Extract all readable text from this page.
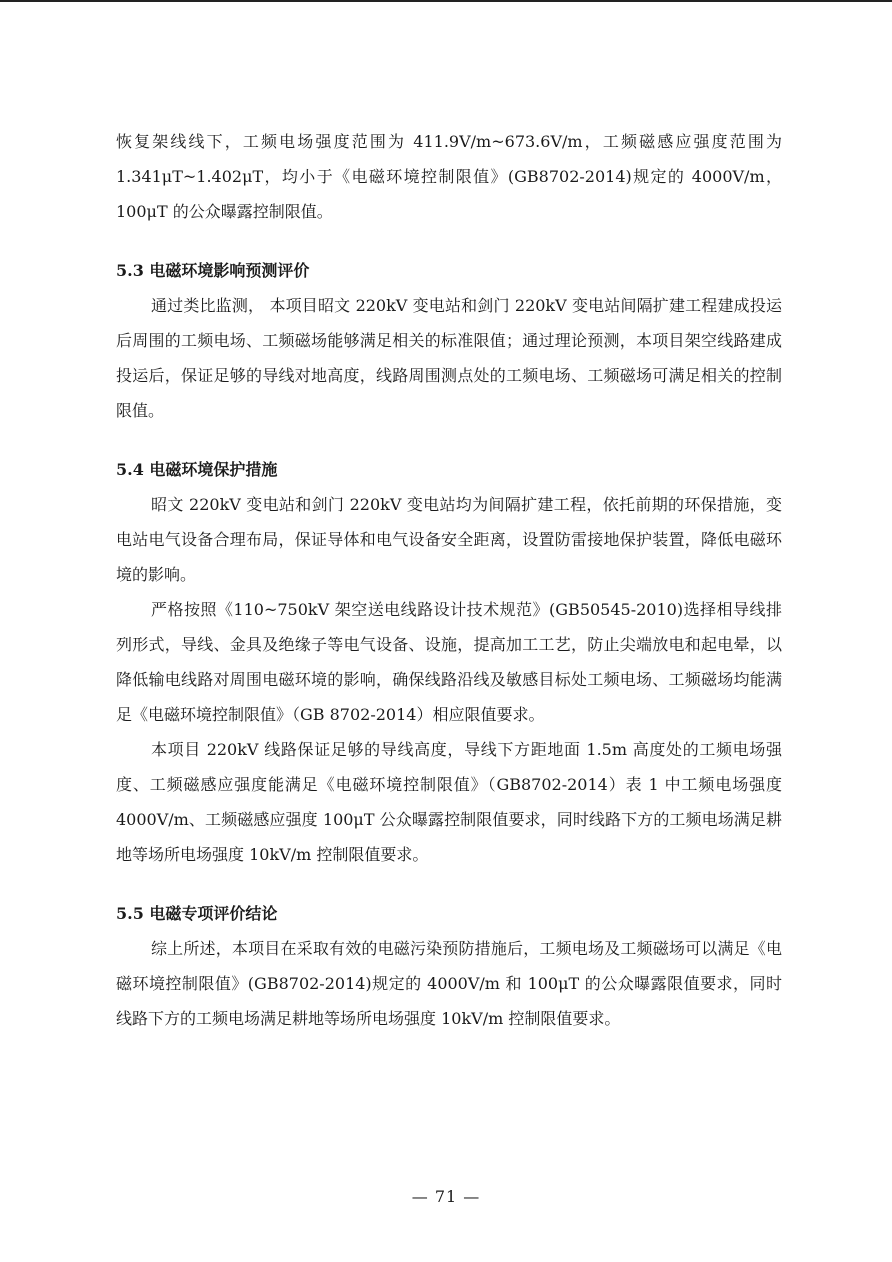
恢复架线线下，工频电场强度范围为 411.9V/m~673.6V/m，工频磁感应强度范围为 1.341μT~1.402μT，均小于《电磁环境控制限值》(GB8702-2014)规定的 4000V/m，100μT 的公众曝露控制限值。

5.3 电磁环境影响预测评价

通过类比监测， 本项目昭文 220kV 变电站和剑门 220kV 变电站间隔扩建工程建成投运后周围的工频电场、工频磁场能够满足相关的标准限值；通过理论预测，本项目架空线路建成投运后，保证足够的导线对地高度，线路周围测点处的工频电场、工频磁场可满足相关的控制限值。

5.4 电磁环境保护措施

昭文 220kV 变电站和剑门 220kV 变电站均为间隔扩建工程，依托前期的环保措施，变电站电气设备合理布局，保证导体和电气设备安全距离，设置防雷接地保护装置，降低电磁环境的影响。

严格按照《110~750kV 架空送电线路设计技术规范》(GB50545-2010)选择相导线排列形式，导线、金具及绝缘子等电气设备、设施，提高加工工艺，防止尖端放电和起电晕，以降低输电线路对周围电磁环境的影响，确保线路沿线及敏感目标处工频电场、工频磁场均能满足《电磁环境控制限值》（GB 8702-2014）相应限值要求。

本项目 220kV 线路保证足够的导线高度，导线下方距地面 1.5m 高度处的工频电场强度、工频磁感应强度能满足《电磁环境控制限值》（GB8702-2014）表 1 中工频电场强度 4000V/m、工频磁感应强度 100μT 公众曝露控制限值要求，同时线路下方的工频电场满足耕地等场所电场强度 10kV/m 控制限值要求。

5.5 电磁专项评价结论

综上所述，本项目在采取有效的电磁污染预防措施后，工频电场及工频磁场可以满足《电磁环境控制限值》(GB8702-2014)规定的 4000V/m 和 100μT 的公众曝露限值要求，同时线路下方的工频电场满足耕地等场所电场强度 10kV/m 控制限值要求。

— 71 —
